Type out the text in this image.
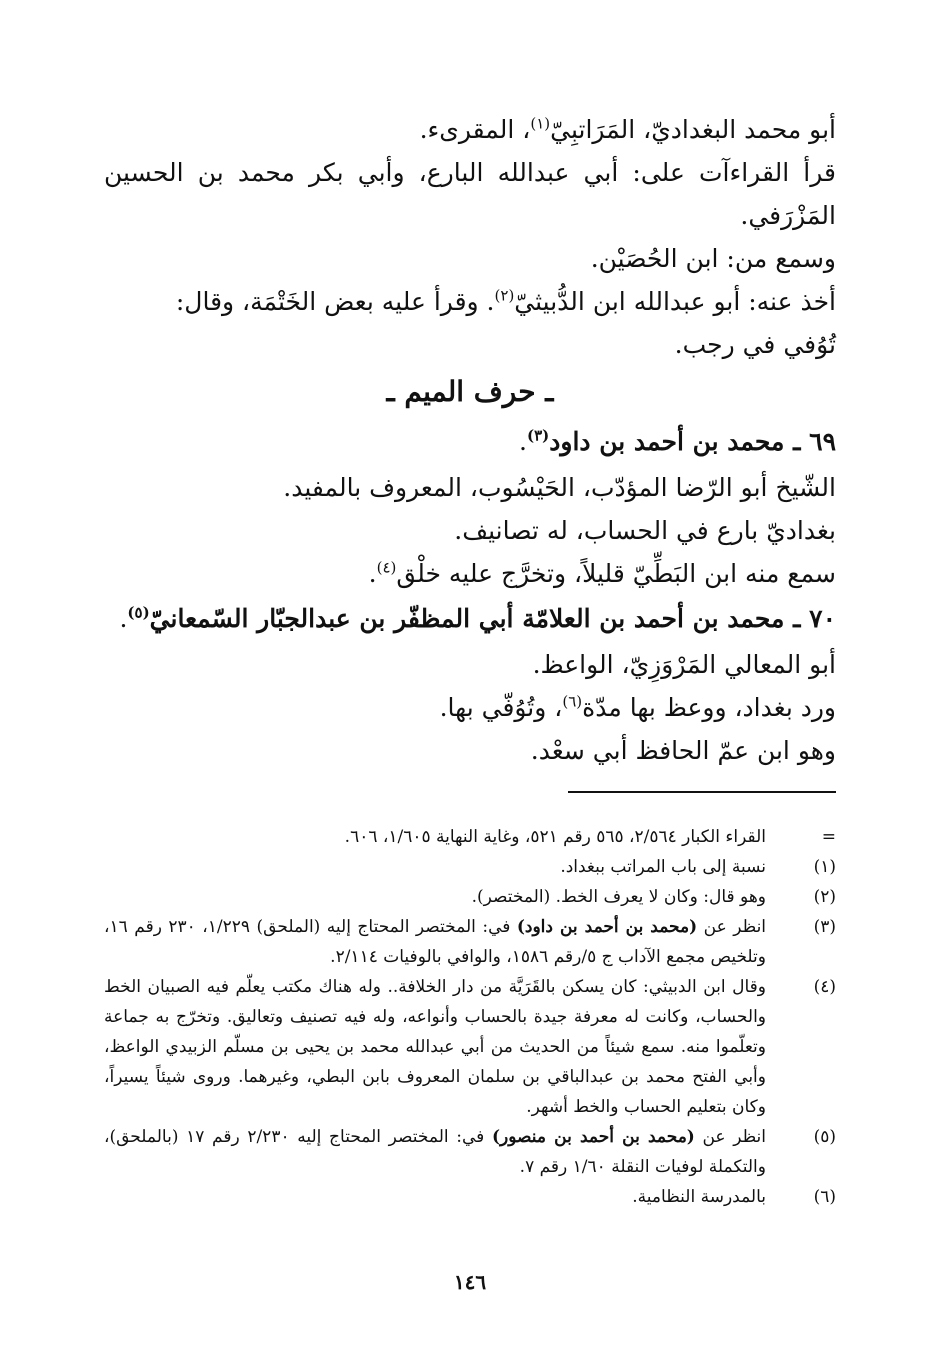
أبو محمد البغداديّ، المَرَاتبِيّ$^{(١)}$، المقرىء.

قرأ القراءآت على: أبي عبدالله البارع، وأبي بكر محمد بن الحسين المَزْرَفي.

وسمع من: ابن الحُصَيْن.

أخذ عنه: أبو عبدالله ابن الدُّبيثيّ$^{(٢)}$. وقرأ عليه بعض الخَتْمَة، وقال:

تُوُفي في رجب.

ـ حرف الميم ـ

٦٩ ـ محمد بن أحمد بن داود$^{(٣)}$.

الشّيخ أبو الرّضا المؤدّب، الحَيْسُوب، المعروف بالمفيد.

بغداديّ بارع في الحساب، له تصانيف.

سمع منه ابن البَطِّيّ قليلاً، وتخرَّج عليه خلْق$^{(٤)}$.

٧٠ ـ محمد بن أحمد بن العلامّة أبي المظفّر بن عبدالجبّار السّمعانيّ$^{(٥)}$.

أبو المعالي المَرْوَزِيّ، الواعظ.

ورد بغداد، ووعظ بها مدّة$^{(٦)}$، وتُوُفّي بها.

وهو ابن عمّ الحافظ أبي سعْد.

=
القراء الكبار ٢/٥٦٤، ٥٦٥ رقم ٥٢١، وغاية النهاية ١/٦٠٥، ٦٠٦.
(١)
نسبة إلى باب المراتب ببغداد.
(٢)
وهو قال: وكان لا يعرف الخط. (المختصر).
(٣)
انظر عن (محمد بن أحمد بن داود) في: المختصر المحتاج إليه (الملحق) ١/٢٢٩، ٢٣٠ رقم ١٦، وتلخيص مجمع الآداب ج ٥/رقم ١٥٨٦، والوافي بالوفيات ٢/١١٤.
(٤)
وقال ابن الدبيثي: كان يسكن بالقَرَيَّة من دار الخلافة.. وله هناك مكتب يعلّم فيه الصبيان الخط والحساب، وكانت له معرفة جيدة بالحساب وأنواعه، وله فيه تصنيف وتعاليق. وتخرّج به جماعة وتعلّموا منه. سمع شيئاً من الحديث من أبي عبدالله محمد بن يحيى بن مسلّم الزبيدي الواعظ، وأبي الفتح محمد بن عبدالباقي بن سلمان المعروف بابن البطي، وغيرهما. وروى شيئاً يسيراً، وكان بتعليم الحساب والخط أشهر.
(٥)
انظر عن (محمد بن أحمد بن منصور) في: المختصر المحتاج إليه ٢/٢٣٠ رقم ١٧ (بالملحق)، والتكملة لوفيات النقلة ١/٦٠ رقم ٧.
(٦)
بالمدرسة النظامية.
١٤٦
